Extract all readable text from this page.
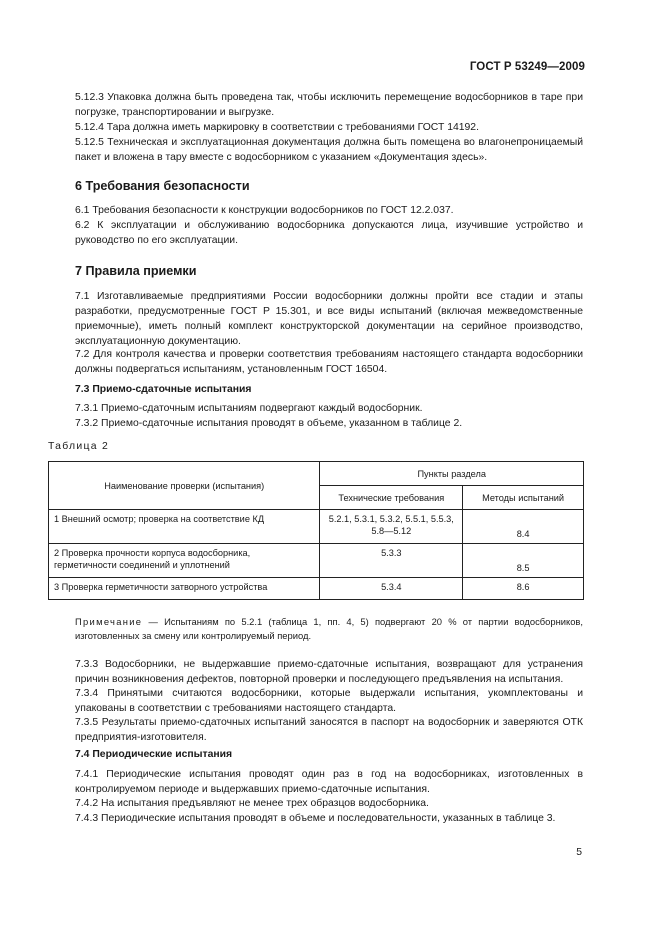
ГОСТ Р 53249—2009
5.12.3 Упаковка должна быть проведена так, чтобы исключить перемещение водосборников в таре при погрузке, транспортировании и выгрузке.
5.12.4 Тара должна иметь маркировку в соответствии с требованиями ГОСТ 14192.
5.12.5 Техническая и эксплуатационная документация должна быть помещена во влагонепроницаемый пакет и вложена в тару вместе с водосборником с указанием «Документация здесь».
6 Требования безопасности
6.1 Требования безопасности к конструкции водосборников по ГОСТ 12.2.037.
6.2 К эксплуатации и обслуживанию водосборника допускаются лица, изучившие устройство и руководство по его эксплуатации.
7 Правила приемки
7.1 Изготавливаемые предприятиями России водосборники должны пройти все стадии и этапы разработки, предусмотренные ГОСТ Р 15.301, и все виды испытаний (включая межведомственные приемочные), иметь полный комплект конструкторской документации на серийное производство, эксплуатационную документацию.
7.2 Для контроля качества и проверки соответствия требованиям настоящего стандарта водосборники должны подвергаться испытаниям, установленным ГОСТ 16504.
7.3 Приемо-сдаточные испытания
7.3.1 Приемо-сдаточным испытаниям подвергают каждый водосборник.
7.3.2 Приемо-сдаточные испытания проводят в объеме, указанном в таблице 2.
Таблица 2
Наименование проверки (испытания)	Пункты раздела	
	Технические требования	Методы испытаний
1 Внешний осмотр; проверка на соответствие КД	5.2.1, 5.3.1, 5.3.2, 5.5.1, 5.5.3, 5.8—5.12	8.4
2 Проверка прочности корпуса водосборника, герметичности соединений и уплотнений	5.3.3	8.5
3 Проверка герметичности затворного устройства	5.3.4	8.6
Примечание — Испытаниям по 5.2.1 (таблица 1, пп. 4, 5) подвергают 20 % от партии водосборников, изготовленных за смену или контролируемый период.
7.3.3 Водосборники, не выдержавшие приемо-сдаточные испытания, возвращают для устранения причин возникновения дефектов, повторной проверки и последующего предъявления на испытания.
7.3.4 Принятыми считаются водосборники, которые выдержали испытания, укомплектованы и упакованы в соответствии с требованиями настоящего стандарта.
7.3.5 Результаты приемо-сдаточных испытаний заносятся в паспорт на водосборник и заверяются ОТК предприятия-изготовителя.
7.4 Периодические испытания
7.4.1 Периодические испытания проводят один раз в год на водосборниках, изготовленных в контролируемом периоде и выдержавших приемо-сдаточные испытания.
7.4.2 На испытания предъявляют не менее трех образцов водосборника.
7.4.3 Периодические испытания проводят в объеме и последовательности, указанных в таблице 3.
5
